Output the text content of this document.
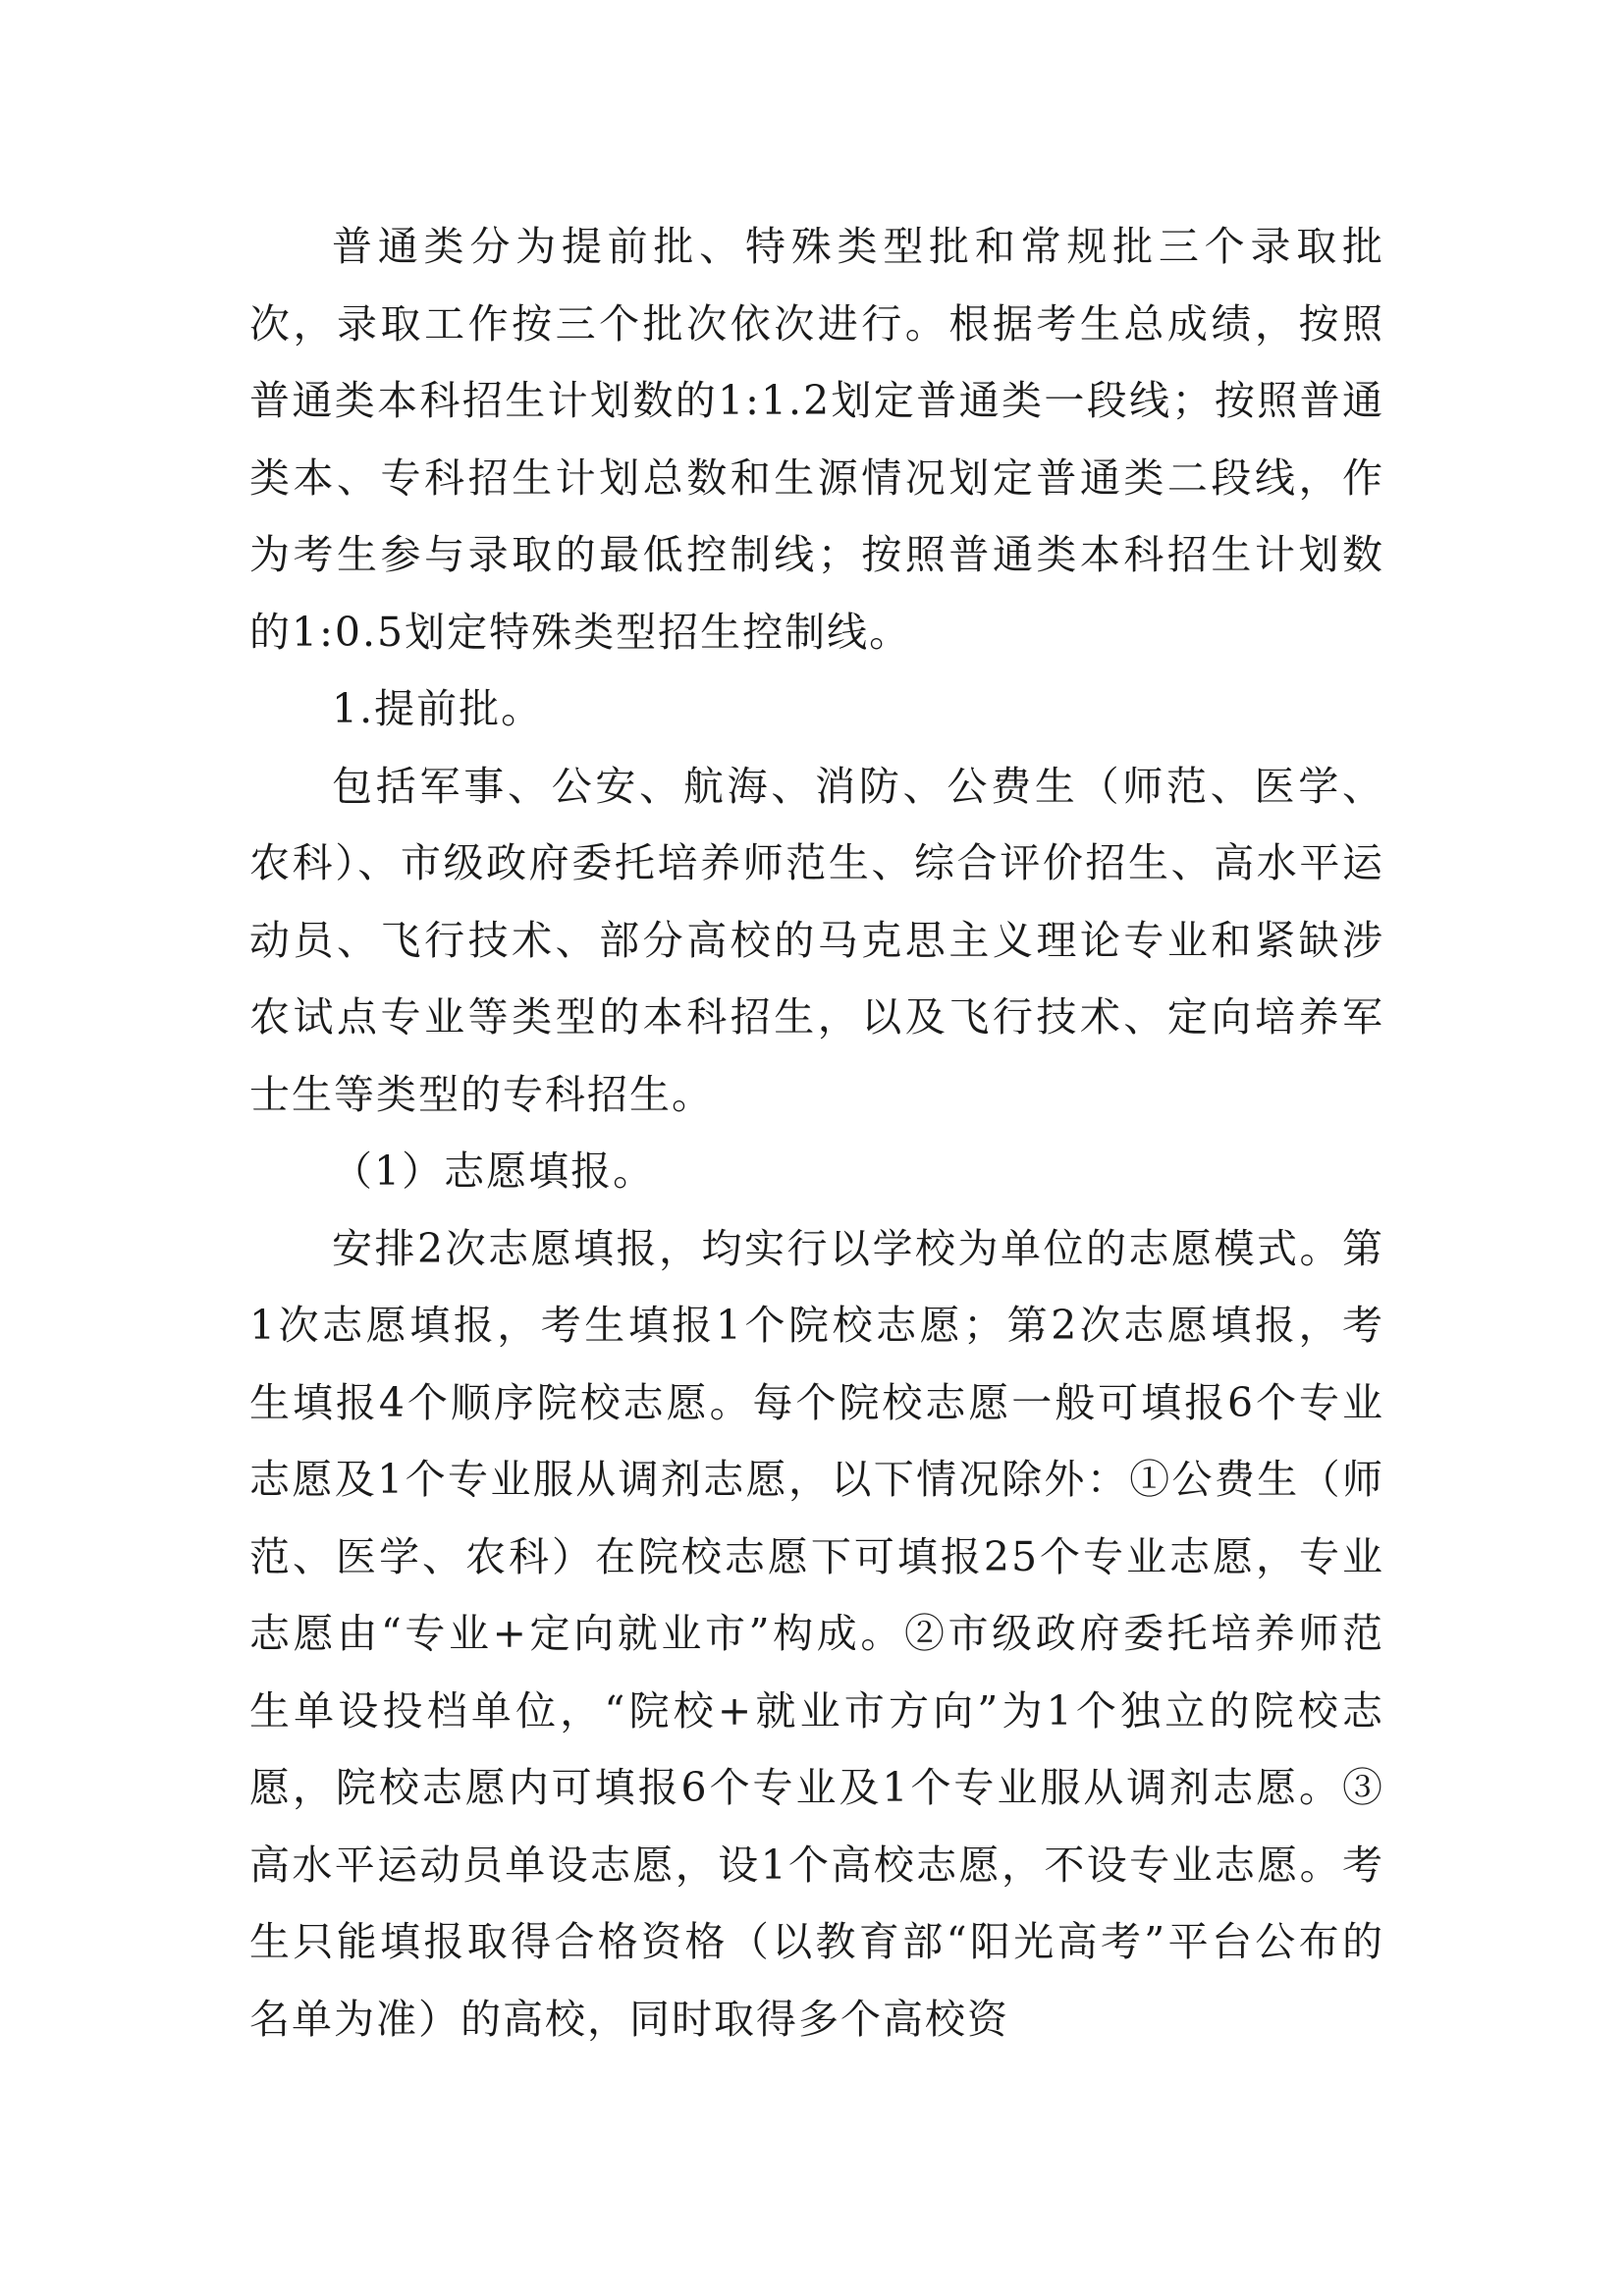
普通类分为提前批、特殊类型批和常规批三个录取批次，录取工作按三个批次依次进行。根据考生总成绩，按照普通类本科招生计划数的1:1.2划定普通类一段线；按照普通类本、专科招生计划总数和生源情况划定普通类二段线，作为考生参与录取的最低控制线；按照普通类本科招生计划数的1:0.5划定特殊类型招生控制线。

1.提前批。

包括军事、公安、航海、消防、公费生（师范、医学、农科）、市级政府委托培养师范生、综合评价招生、高水平运动员、飞行技术、部分高校的马克思主义理论专业和紧缺涉农试点专业等类型的本科招生，以及飞行技术、定向培养军士生等类型的专科招生。

（1）志愿填报。

安排2次志愿填报，均实行以学校为单位的志愿模式。第1次志愿填报，考生填报1个院校志愿；第2次志愿填报，考生填报4个顺序院校志愿。每个院校志愿一般可填报6个专业志愿及1个专业服从调剂志愿，以下情况除外：①公费生（师范、医学、农科）在院校志愿下可填报25个专业志愿，专业志愿由“专业+定向就业市”构成。②市级政府委托培养师范生单设投档单位，“院校+就业市方向”为1个独立的院校志愿，院校志愿内可填报6个专业及1个专业服从调剂志愿。③高水平运动员单设志愿，设1个高校志愿，不设专业志愿。考生只能填报取得合格资格（以教育部“阳光高考”平台公布的名单为准）的高校，同时取得多个高校资
